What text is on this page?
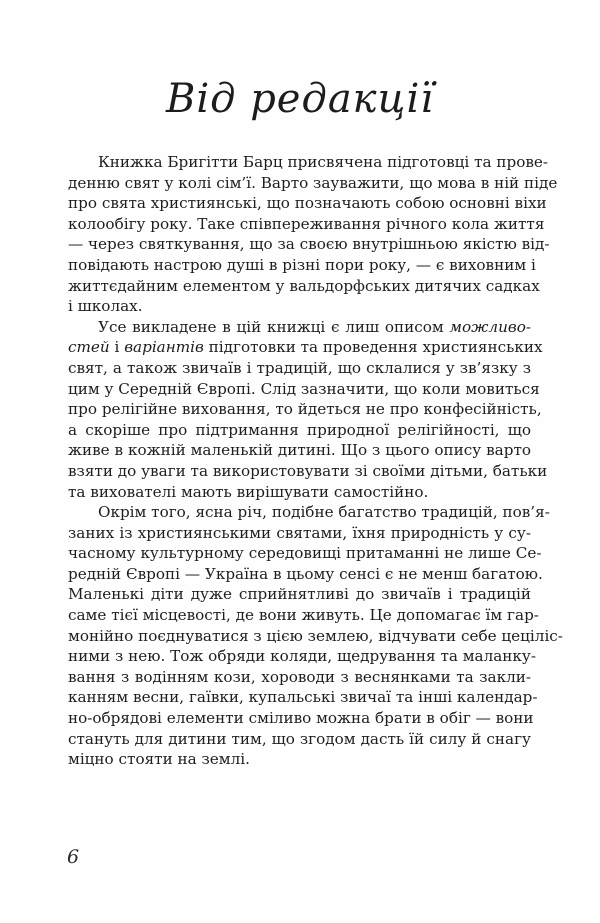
Від редакції
Книжка Бригітти Барц присвячена підготовці та прове-
денню свят у колі сім’ї. Варто зауважити, що мова в ній піде
про свята християнські, що позначають собою основні віхи
колообігу року. Таке співпереживання річного кола життя
— через святкування, що за своєю внутрішньою якістю від-
повідають настрою душі в різні пори року, — є виховним і
життєдайним елементом у вальдорфських дитячих садках
і школах.
Усе викладене в цій книжці є лиш описом можливо-
стей і варіантів підготовки та проведення християнських
свят, а також звичаїв і традицій, що склалися у зв’язку з
цим у Середній Європі. Слід зазначити, що коли мовиться
про релігійне виховання, то йдеться не про конфесійність,
а скоріше про підтримання природної релігійності, що
живе в кожній маленькій дитині. Що з цього опису варто
взяти до уваги та використовувати зі своїми дітьми, батьки
та вихователі мають вирішувати самостійно.
Окрім того, ясна річ, подібне багатство традицій, пов’я-
заних із християнськими святами, їхня природність у су-
часному культурному середовищі притаманні не лише Се-
редній Європі — Україна в цьому сенсі є не менш багатою.
Маленькі діти дуже сприйнятливі до звичаїв і традицій
саме тієї місцевості, де вони живуть. Це допомагає їм гар-
монійно поєднуватися з цією землею, відчувати себе цеціліс-
ними з нею. Тож обряди коляди, щедрування та маланку-
вання з водінням кози, хороводи з веснянками та закли-
канням весни, гаївки, купальські звичаї та інші календар-
но-обрядові елементи сміливо можна брати в обіг — вони
стануть для дитини тим, що згодом дасть їй силу й снагу
міцно стояти на землі.
6
